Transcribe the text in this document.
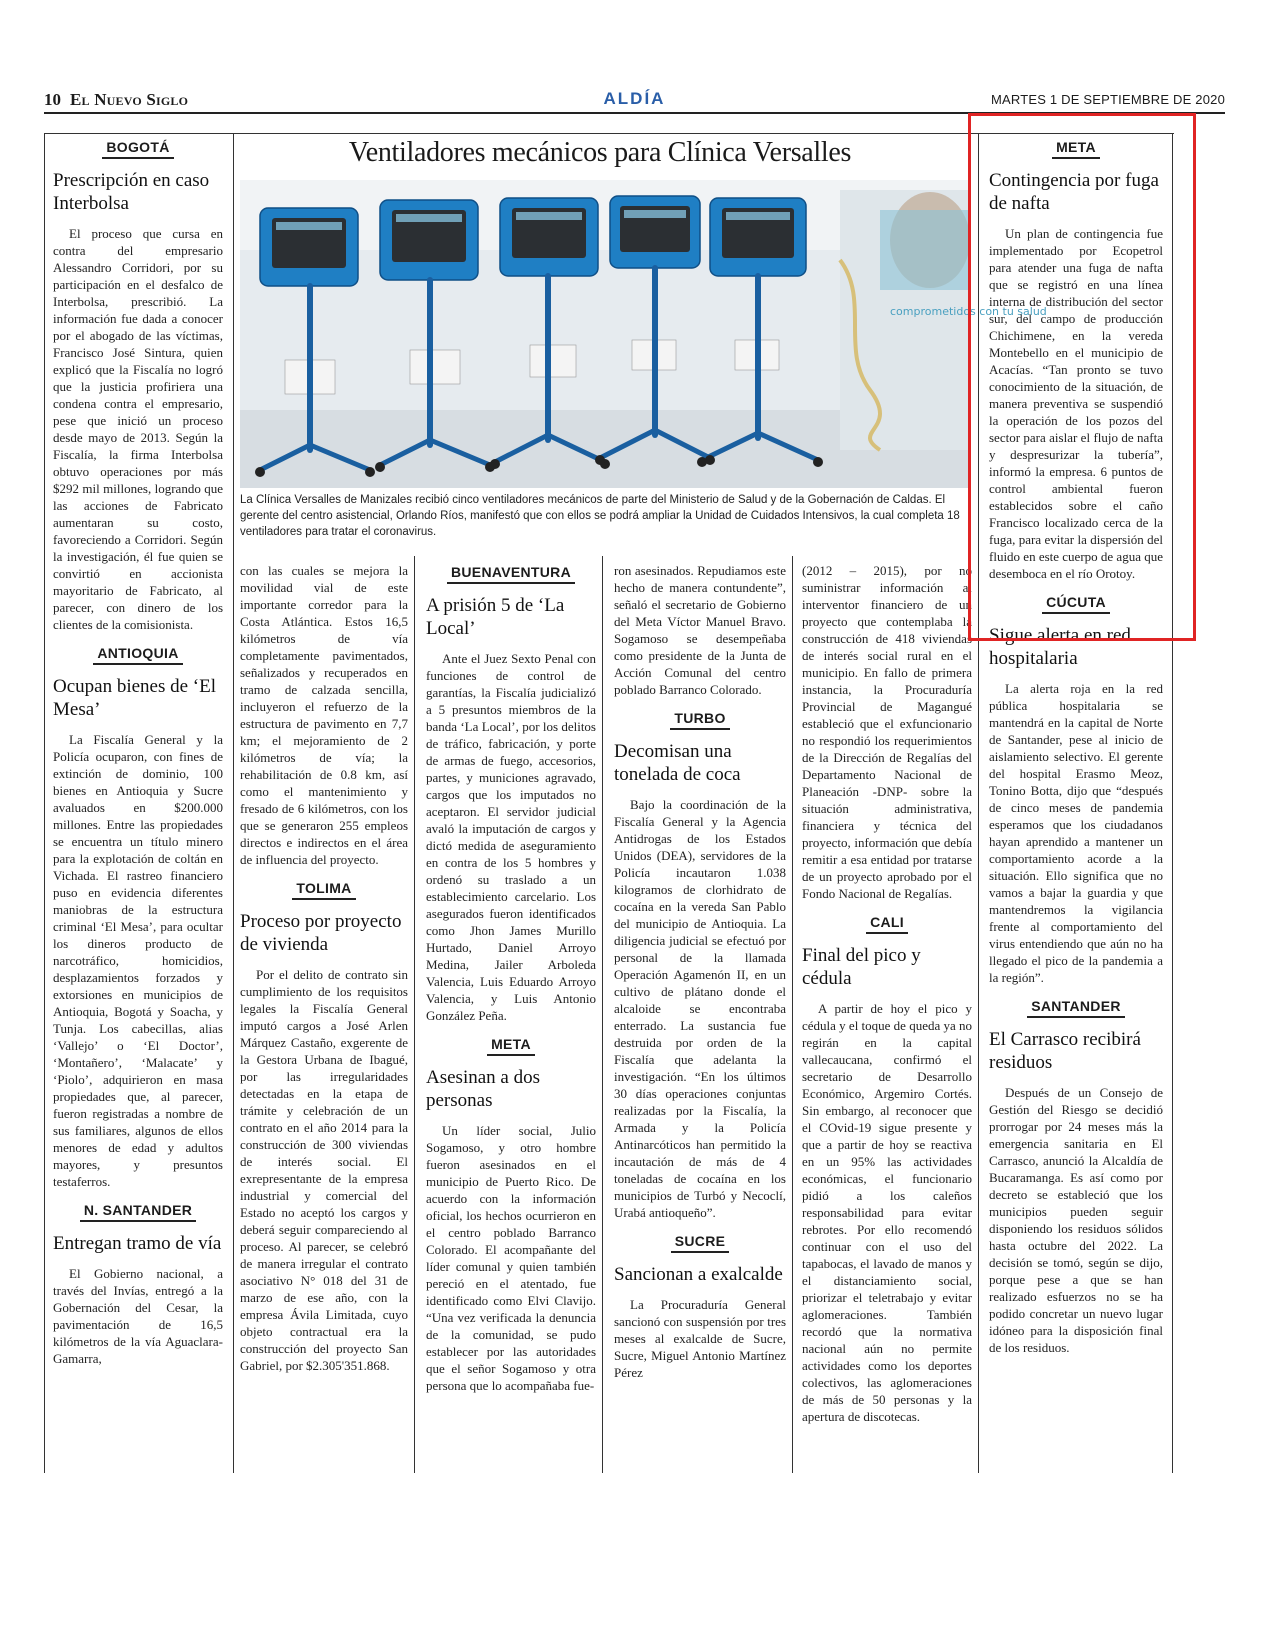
10 El Nuevo Siglo	ALDÍA	MARTES 1 DE SEPTIEMBRE DE 2020
Ventiladores mecánicos para Clínica Versalles
comprometidos con tu salud
La Clínica Versalles de Manizales recibió cinco ventiladores mecánicos de parte del Ministerio de Salud y de la Gobernación de Caldas. El gerente del centro asistencial, Orlando Ríos, manifestó que con ellos se podrá ampliar la Unidad de Cuidados Intensivos, la cual completa 18 ventiladores para tratar el coronavirus.
BOGOTÁ
Prescripción en caso Interbolsa

El proceso que cursa en contra del empresario Alessandro Corridori, por su participación en el desfalco de Interbolsa, prescribió. La información fue dada a conocer por el abogado de las víctimas, Francisco José Sintura, quien explicó que la Fiscalía no logró que la justicia profiriera una condena contra el empresario, pese que inició un proceso desde mayo de 2013. Según la Fiscalía, la firma Interbolsa obtuvo operaciones por más $292 mil millones, logrando que las acciones de Fabricato aumentaran su costo, favoreciendo a Corridori. Según la investigación, él fue quien se convirtió en accionista mayoritario de Fabricato, al parecer, con dinero de los clientes de la comisionista.

ANTIOQUIA
Ocupan bienes de ‘El Mesa’

La Fiscalía General y la Policía ocuparon, con fines de extinción de dominio, 100 bienes en Antioquia y Sucre avaluados en $200.000 millones. Entre las propiedades se encuentra un título minero para la explotación de coltán en Vichada. El rastreo financiero puso en evidencia diferentes maniobras de la estructura criminal ‘El Mesa’, para ocultar los dineros producto de narcotráfico, homicidios, desplazamientos forzados y extorsiones en municipios de Antioquia, Bogotá y Soacha, y Tunja. Los cabecillas, alias ‘Vallejo’ o ‘El Doctor’, ‘Montañero’, ‘Malacate’ y ‘Piolo’, adquirieron en masa propiedades que, al parecer, fueron registradas a nombre de sus familiares, algunos de ellos menores de edad y adultos mayores, y presuntos testaferros.

N. SANTANDER
Entregan tramo de vía

El Gobierno nacional, a través del Invías, entregó a la Gobernación del Cesar, la pavimentación de 16,5 kilómetros de la vía Aguaclara-Gamarra,

con las cuales se mejora la movilidad vial de este importante corredor para la Costa Atlántica. Estos 16,5 kilómetros de vía completamente pavimentados, señalizados y recuperados en tramo de calzada sencilla, incluyeron el refuerzo de la estructura de pavimento en 7,7 km; el mejoramiento de 2 kilómetros de vía; la rehabilitación de 0.8 km, así como el mantenimiento y fresado de 6 kilómetros, con los que se generaron 255 empleos directos e indirectos en el área de influencia del proyecto.

TOLIMA
Proceso por proyecto de vivienda

Por el delito de contrato sin cumplimiento de los requisitos legales la Fiscalía General imputó cargos a José Arlen Márquez Castaño, exgerente de la Gestora Urbana de Ibagué, por las irregularidades detectadas en la etapa de trámite y celebración de un contrato en el año 2014 para la construcción de 300 viviendas de interés social. El exrepresentante de la empresa industrial y comercial del Estado no aceptó los cargos y deberá seguir compareciendo al proceso. Al parecer, se celebró de manera irregular el contrato asociativo N° 018 del 31 de marzo de ese año, con la empresa Ávila Limitada, cuyo objeto contractual era la construcción del proyecto San Gabriel, por $2.305'351.868.

BUENAVENTURA
A prisión 5 de ‘La Local’

Ante el Juez Sexto Penal con funciones de control de garantías, la Fiscalía judicializó a 5 presuntos miembros de la banda ‘La Local’, por los delitos de tráfico, fabricación, y porte de armas de fuego, accesorios, partes, y municiones agravado, cargos que los imputados no aceptaron. El servidor judicial avaló la imputación de cargos y dictó medida de aseguramiento en contra de los 5 hombres y ordenó su traslado a un establecimiento carcelario. Los asegurados fueron identificados como Jhon James Murillo Hurtado, Daniel Arroyo Medina, Jailer Arboleda Valencia, Luis Eduardo Arroyo Valencia, y Luis Antonio González Peña.

META
Asesinan a dos personas

Un líder social, Julio Sogamoso, y otro hombre fueron asesinados en el municipio de Puerto Rico. De acuerdo con la información oficial, los hechos ocurrieron en el centro poblado Barranco Colorado. El acompañante del líder comunal y quien también pereció en el atentado, fue identificado como Elvi Clavijo. “Una vez verificada la denuncia de la comunidad, se pudo establecer por las autoridades que el señor Sogamoso y otra persona que lo acompañaba fue-

ron asesinados. Repudiamos este hecho de manera contundente”, señaló el secretario de Gobierno del Meta Víctor Manuel Bravo. Sogamoso se desempeñaba como presidente de la Junta de Acción Comunal del centro poblado Barranco Colorado.

TURBO
Decomisan una tonelada de coca

Bajo la coordinación de la Fiscalía General y la Agencia Antidrogas de los Estados Unidos (DEA), servidores de la Policía incautaron 1.038 kilogramos de clorhidrato de cocaína en la vereda San Pablo del municipio de Antioquia. La diligencia judicial se efectuó por personal de la llamada Operación Agamenón II, en un cultivo de plátano donde el alcaloide se encontraba enterrado. La sustancia fue destruida por orden de la Fiscalía que adelanta la investigación. “En los últimos 30 días operaciones conjuntas realizadas por la Fiscalía, la Armada y la Policía Antinarcóticos han permitido la incautación de más de 4 toneladas de cocaína en los municipios de Turbó y Necoclí, Urabá antioqueño”.

SUCRE
Sancionan a exalcalde

La Procuraduría General sancionó con suspensión por tres meses al exalcalde de Sucre, Sucre, Miguel Antonio Martínez Pérez

(2012 – 2015), por no suministrar información al interventor financiero de un proyecto que contemplaba la construcción de 418 viviendas de interés social rural en el municipio. En fallo de primera instancia, la Procuraduría Provincial de Magangué estableció que el exfuncionario no respondió los requerimientos de la Dirección de Regalías del Departamento Nacional de Planeación -DNP- sobre la situación administrativa, financiera y técnica del proyecto, información que debía remitir a esa entidad por tratarse de un proyecto aprobado por el Fondo Nacional de Regalías.

CALI
Final del pico y cédula

A partir de hoy el pico y cédula y el toque de queda ya no regirán en la capital vallecaucana, confirmó el secretario de Desarrollo Económico, Argemiro Cortés. Sin embargo, al reconocer que el COvid-19 sigue presente y que a partir de hoy se reactiva en un 95% las actividades económicas, el funcionario pidió a los caleños responsabilidad para evitar rebrotes. Por ello recomendó continuar con el uso del tapabocas, el lavado de manos y el distanciamiento social, priorizar el teletrabajo y evitar aglomeraciones. También recordó que la normativa nacional aún no permite actividades como los deportes colectivos, las aglomeraciones de más de 50 personas y la apertura de discotecas.

META
Contingencia por fuga de nafta

Un plan de contingencia fue implementado por Ecopetrol para atender una fuga de nafta que se registró en una línea interna de distribución del sector sur, del campo de producción Chichimene, en la vereda Montebello en el municipio de Acacías. “Tan pronto se tuvo conocimiento de la situación, de manera preventiva se suspendió la operación de los pozos del sector para aislar el flujo de nafta y despresurizar la tubería”, informó la empresa. 6 puntos de control ambiental fueron establecidos sobre el caño Francisco localizado cerca de la fuga, para evitar la dispersión del fluido en este cuerpo de agua que desemboca en el río Orotoy.

CÚCUTA
Sigue alerta en red hospitalaria

La alerta roja en la red pública hospitalaria se mantendrá en la capital de Norte de Santander, pese al inicio de aislamiento selectivo. El gerente del hospital Erasmo Meoz, Tonino Botta, dijo que “después de cinco meses de pandemia esperamos que los ciudadanos hayan aprendido a mantener un comportamiento acorde a la situación. Ello significa que no vamos a bajar la guardia y que mantendremos la vigilancia frente al comportamiento del virus entendiendo que aún no ha llegado el pico de la pandemia a la región”.

SANTANDER
El Carrasco recibirá residuos

Después de un Consejo de Gestión del Riesgo se decidió prorrogar por 24 meses más la emergencia sanitaria en El Carrasco, anunció la Alcaldía de Bucaramanga. Es así como por decreto se estableció que los municipios pueden seguir disponiendo los residuos sólidos hasta octubre del 2022. La decisión se tomó, según se dijo, porque pese a que se han realizado esfuerzos no se ha podido concretar un nuevo lugar idóneo para la disposición final de los residuos.
